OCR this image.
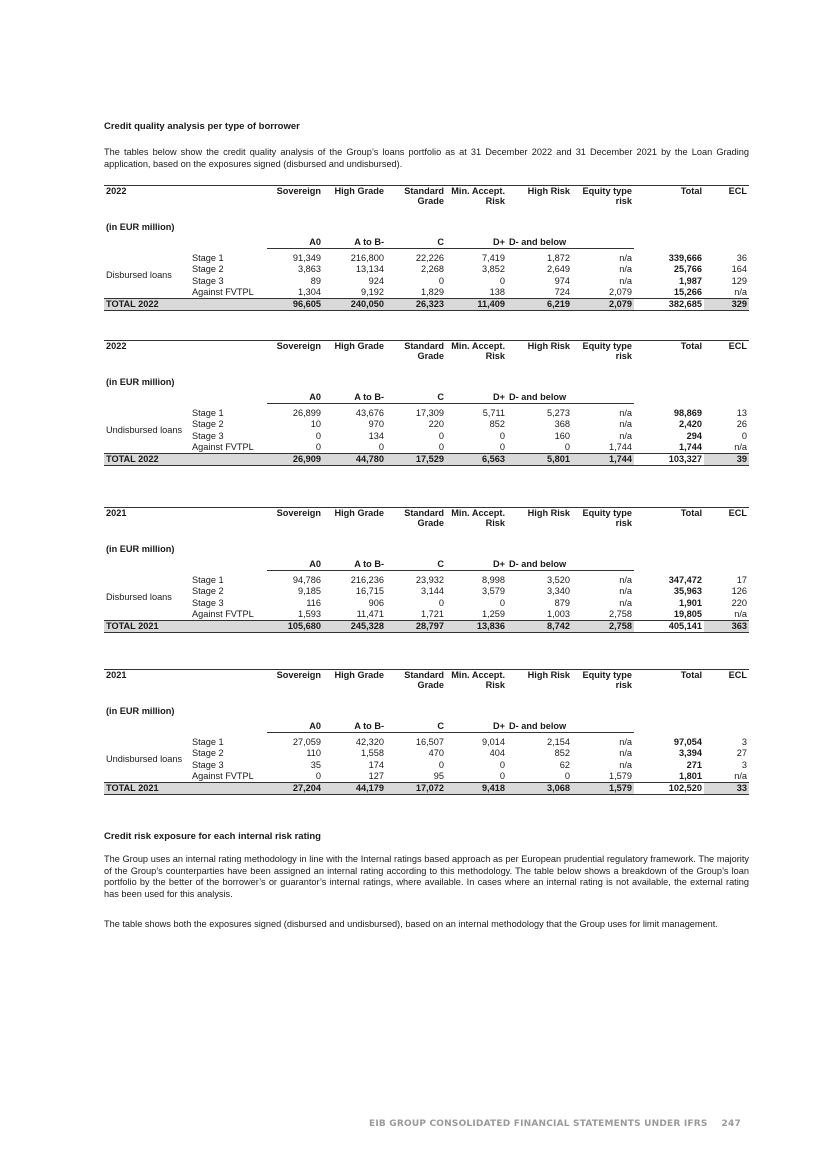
Credit quality analysis per type of borrower

The tables below show the credit quality analysis of the Group’s loans portfolio as at 31 December 2022 and 31 December 2021 by the Loan Grading application, based on the exposures signed (disbursed and undisbursed).

2022		Sovereign	High Grade	Standard Grade	Min. Accept. Risk	High Risk	Equity type risk	Total	ECL
(in EUR million)		A0	A to B-	C	D+	D- and below			

Disbursed loans	Stage 1	91,349	216,800	22,226	7,419	1,872	n/a	339,666	36
	Stage 2	3,863	13,134	2,268	3,852	2,649	n/a	25,766	164
	Stage 3	89	924	0	0	974	n/a	1,987	129
	Against FVTPL	1,304	9,192	1,829	138	724	2,079	15,266	n/a
TOTAL 2022		96,605	240,050	26,323	11,409	6,219	2,079	382,685	329
2022		Sovereign	High Grade	Standard Grade	Min. Accept. Risk	High Risk	Equity type risk	Total	ECL
(in EUR million)		A0	A to B-	C	D+	D- and below			

Undisbursed loans	Stage 1	26,899	43,676	17,309	5,711	5,273	n/a	98,869	13
	Stage 2	10	970	220	852	368	n/a	2,420	26
	Stage 3	0	134	0	0	160	n/a	294	0
	Against FVTPL	0	0	0	0	0	1,744	1,744	n/a
TOTAL 2022		26,909	44,780	17,529	6,563	5,801	1,744	103,327	39
2021		Sovereign	High Grade	Standard Grade	Min. Accept. Risk	High Risk	Equity type risk	Total	ECL
(in EUR million)		A0	A to B-	C	D+	D- and below			

Disbursed loans	Stage 1	94,786	216,236	23,932	8,998	3,520	n/a	347,472	17
	Stage 2	9,185	16,715	3,144	3,579	3,340	n/a	35,963	126
	Stage 3	116	906	0	0	879	n/a	1,901	220
	Against FVTPL	1,593	11,471	1,721	1,259	1,003	2,758	19,805	n/a
TOTAL 2021		105,680	245,328	28,797	13,836	8,742	2,758	405,141	363
2021		Sovereign	High Grade	Standard Grade	Min. Accept. Risk	High Risk	Equity type risk	Total	ECL
(in EUR million)		A0	A to B-	C	D+	D- and below			

Undisbursed loans	Stage 1	27,059	42,320	16,507	9,014	2,154	n/a	97,054	3
	Stage 2	110	1,558	470	404	852	n/a	3,394	27
	Stage 3	35	174	0	0	62	n/a	271	3
	Against FVTPL	0	127	95	0	0	1,579	1,801	n/a
TOTAL 2021		27,204	44,179	17,072	9,418	3,068	1,579	102,520	33
Credit risk exposure for each internal risk rating

The Group uses an internal rating methodology in line with the Internal ratings based approach as per European prudential regulatory framework. The majority of the Group’s counterparties have been assigned an internal rating according to this methodology. The table below shows a breakdown of the Group’s loan portfolio by the better of the borrower’s or guarantor’s internal ratings, where available. In cases where an internal rating is not available, the external rating has been used for this analysis.

The table shows both the exposures signed (disbursed and undisbursed), based on an internal methodology that the Group uses for limit management.

EIB GROUP CONSOLIDATED FINANCIAL STATEMENTS UNDER IFRS 247
